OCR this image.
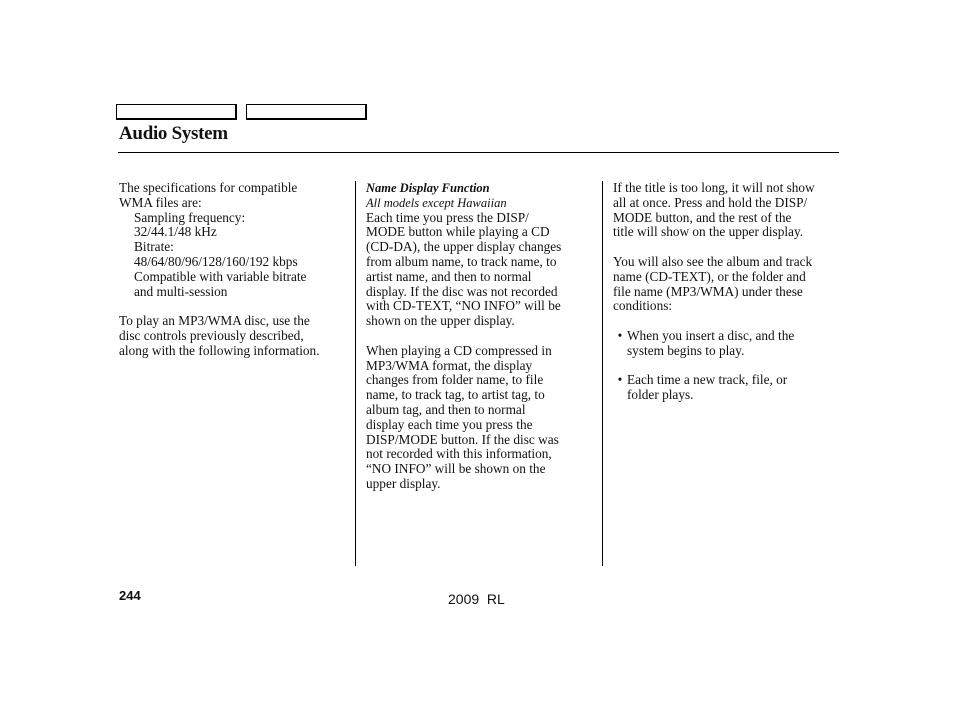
Audio System
The specifications for compatible
WMA files are:
Sampling frequency:
32/44.1/48 kHz
Bitrate:
48/64/80/96/128/160/192 kbps
Compatible with variable bitrate
and multi-session
To play an MP3/WMA disc, use the
disc controls previously described,
along with the following information.
Name Display Function
All models except Hawaiian
Each time you press the DISP/
MODE button while playing a CD
(CD-DA), the upper display changes
from album name, to track name, to
artist name, and then to normal
display. If the disc was not recorded
with CD-TEXT, “NO INFO” will be
shown on the upper display.
When playing a CD compressed in
MP3/WMA format, the display
changes from folder name, to file
name, to track tag, to artist tag, to
album tag, and then to normal
display each time you press the
DISP/MODE button. If the disc was
not recorded with this information,
“NO INFO” will be shown on the
upper display.
If the title is too long, it will not show
all at once. Press and hold the DISP/
MODE button, and the rest of the
title will show on the upper display.
You will also see the album and track
name (CD-TEXT), or the folder and
file name (MP3/WMA) under these
conditions:
• When you insert a disc, and the
system begins to play.
• Each time a new track, file, or
folder plays.
244	2009  RL
